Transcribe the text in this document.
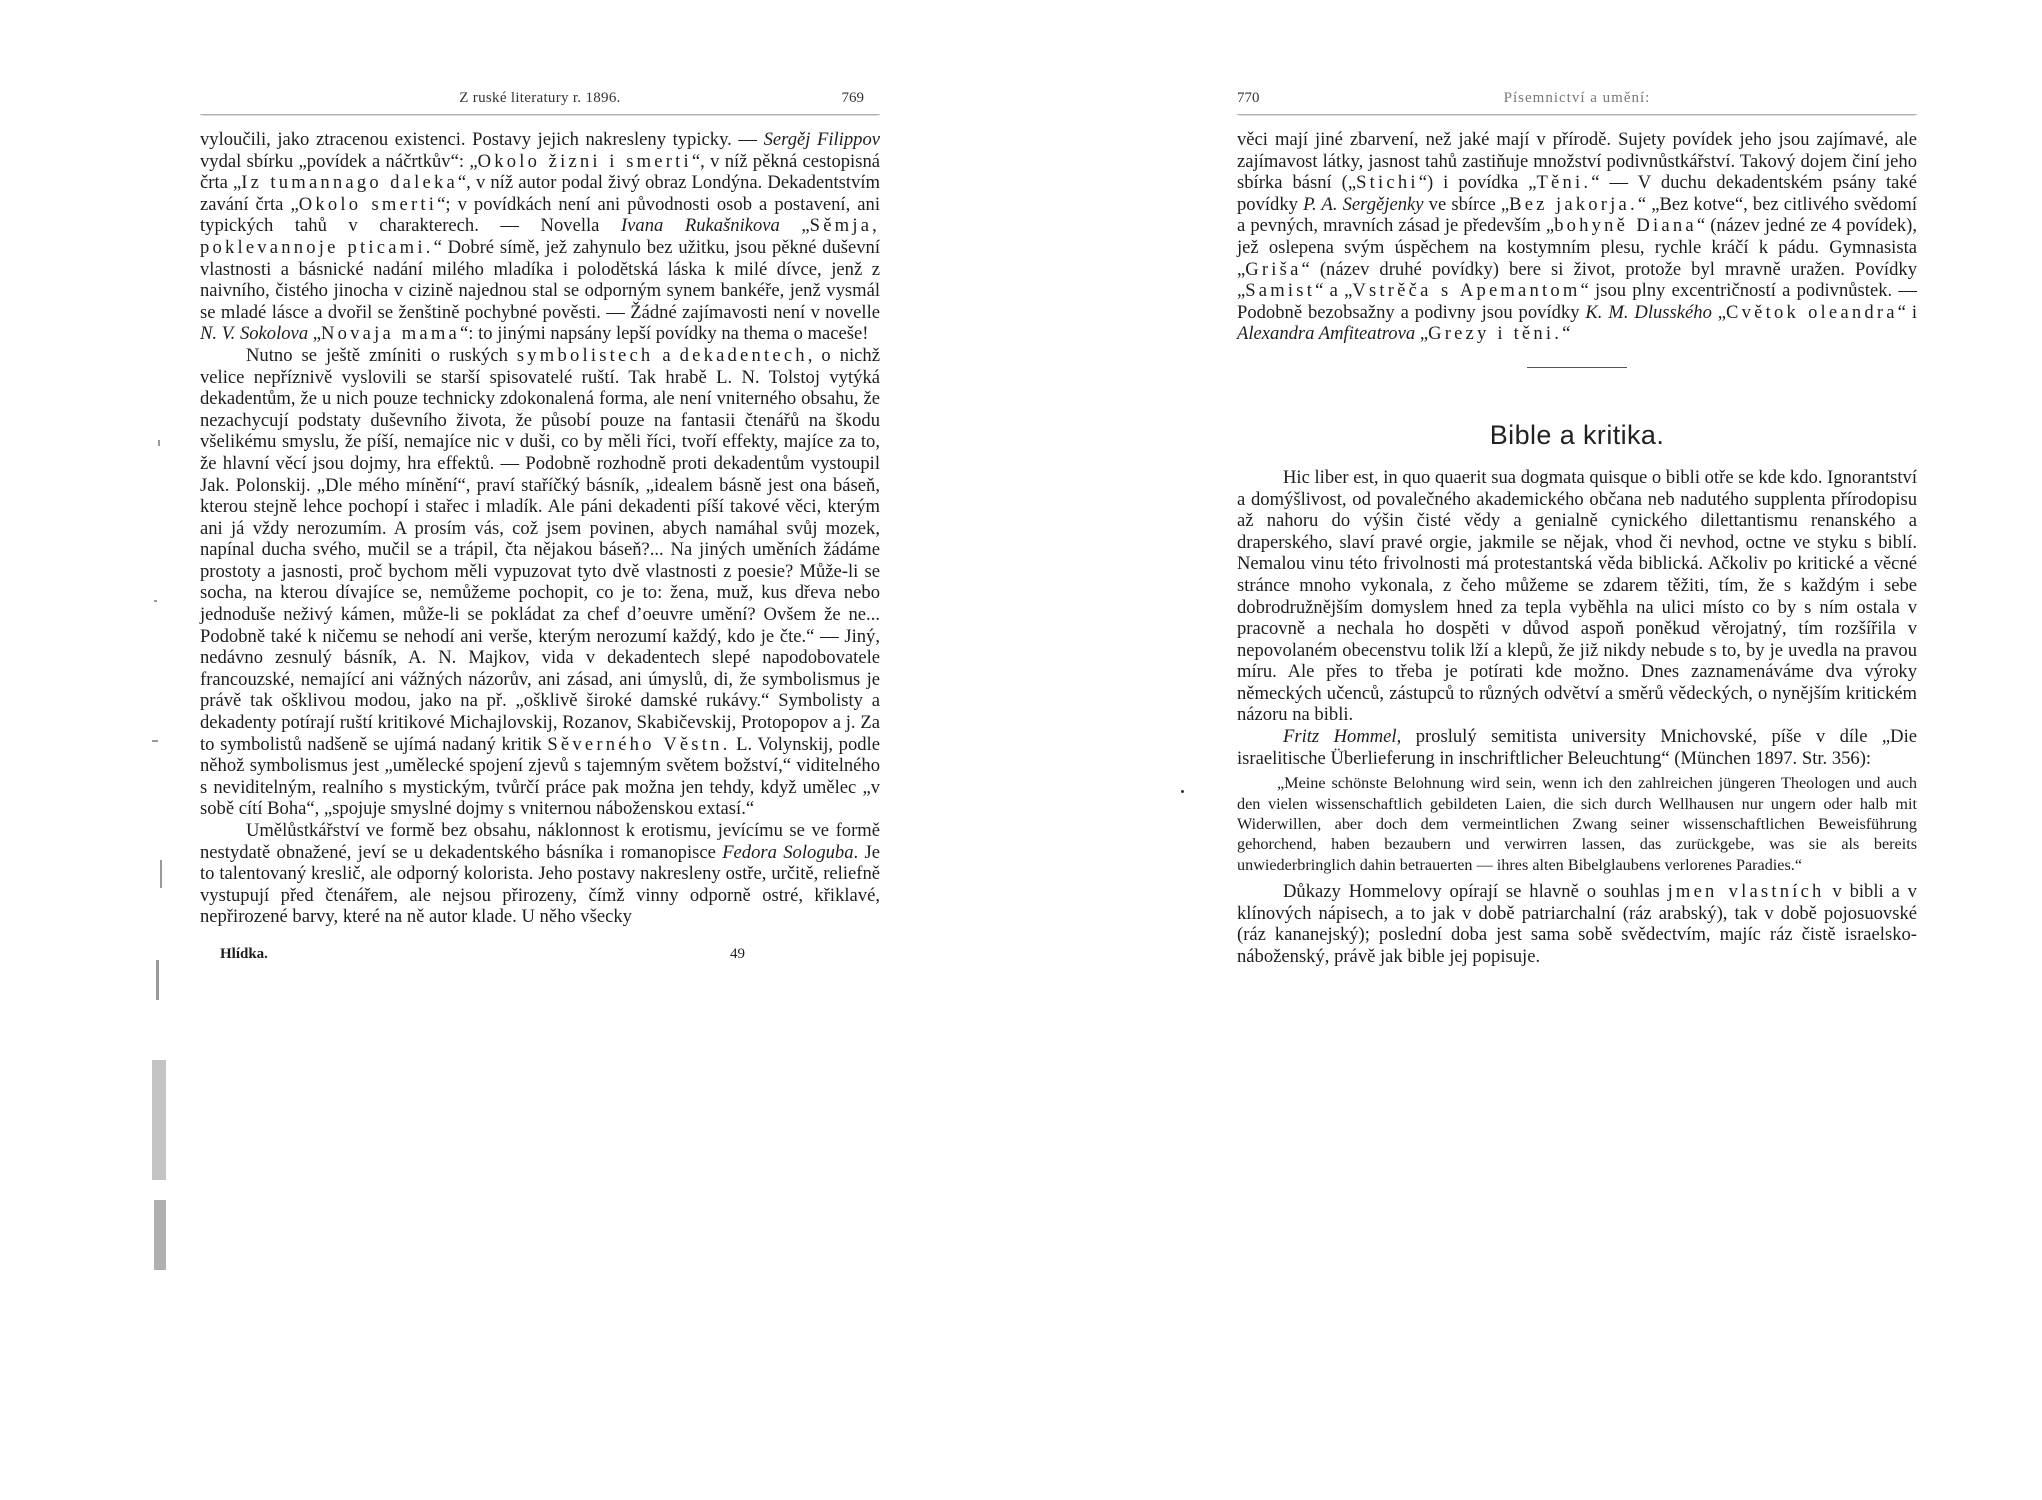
Z ruské literatury r. 1896.	769

vyloučili, jako ztracenou existenci. Postavy jejich nakresleny typicky. — Sergěj Filippov vydal sbírku „povídek a náčrtkův“: „Okolo žizni i smerti“, v níž pěkná cestopisná črta „Iz tumannago daleka“, v níž autor podal živý obraz Londýna. Dekadentstvím zavání črta „Okolo smerti“; v povídkách není ani původnosti osob a postavení, ani typických tahů v charakterech. — Novella Ivana Rukašnikova „Sěmja, poklevannoje pticami.“ Dobré símě, jež zahynulo bez užitku, jsou pěkné duševní vlastnosti a básnické nadání milého mladíka i polodětská láska k milé dívce, jenž z naivního, čistého jinocha v cizině najednou stal se odporným synem bankéře, jenž vysmál se mladé lásce a dvořil se ženštině pochybné pověsti. — Žádné zajímavosti není v novelle N. V. Sokolova „Novaja mama“: to jinými napsány lepší povídky na thema o maceše!

Nutno se ještě zmíniti o ruských symbolistech a dekadentech, o nichž velice nepříznivě vyslovili se starší spisovatelé ruští. Tak hrabě L. N. Tolstoj vytýká dekadentům, že u nich pouze technicky zdokonalená forma, ale není vniterného obsahu, že nezachycují podstaty duševního života, že působí pouze na fantasii čtenářů na škodu všelikému smyslu, že píší, nemajíce nic v duši, co by měli říci, tvoří effekty, majíce za to, že hlavní věcí jsou dojmy, hra effektů. — Podobně rozhodně proti dekadentům vystoupil Jak. Polonskij. „Dle mého mínění“, praví staříčký básník, „idealem básně jest ona báseň, kterou stejně lehce pochopí i stařec i mladík. Ale páni dekadenti píší takové věci, kterým ani já vždy nerozumím. A prosím vás, což jsem povinen, abych namáhal svůj mozek, napínal ducha svého, mučil se a trápil, čta nějakou báseň?... Na jiných uměních žádáme prostoty a jasnosti, proč bychom měli vypuzovat tyto dvě vlastnosti z poesie? Může-li se socha, na kterou dívajíce se, nemůžeme pochopit, co je to: žena, muž, kus dřeva nebo jednoduše neživý kámen, může-li se pokládat za chef d’oeuvre umění? Ovšem že ne... Podobně také k ničemu se nehodí ani verše, kterým nerozumí každý, kdo je čte.“ — Jiný, nedávno zesnulý básník, A. N. Majkov, vida v dekadentech slepé napodobovatele francouzské, nemající ani vážných názorův, ani zásad, ani úmyslů, di, že symbolismus je právě tak ošklivou modou, jako na př. „ošklivě široké damské rukávy.“ Symbolisty a dekadenty potírají ruští kritikové Michajlovskij, Rozanov, Skabičevskij, Protopopov a j. Za to symbolistů nadšeně se ujímá nadaný kritik Sěverného Věstn. L. Volynskij, podle něhož symbolismus jest „umělecké spojení zjevů s tajemným světem božství,“ viditelného s neviditelným, realního s mystickým, tvůrčí práce pak možna jen tehdy, když umělec „v sobě cítí Boha“, „spojuje smyslné dojmy s vniternou náboženskou extasí.“

Umělůstkářství ve formě bez obsahu, náklonnost k erotismu, jevícímu se ve formě nestydatě obnažené, jeví se u dekadentského básníka i romanopisce Fedora Sologuba. Je to talentovaný kreslič, ale odporný kolorista. Jeho postavy nakresleny ostře, určitě, reliefně vystupují před čtenářem, ale nejsou přirozeny, čímž vinny odporně ostré, křiklavé, nepřirozené barvy, které na ně autor klade. U něho všecky

Hlídka.	49
770	Písemnictví a umění:

věci mají jiné zbarvení, než jaké mají v přírodě. Sujety povídek jeho jsou zajímavé, ale zajímavost látky, jasnost tahů zastiňuje množství podivnůstkářství. Takový dojem činí jeho sbírka básní („Stichi“) i povídka „Těni.“ — V duchu dekadentském psány také povídky P. A. Sergějenky ve sbírce „Bez jakorja.“ „Bez kotve“, bez citlivého svědomí a pevných, mravních zásad je především „bohyně Diana“ (název jedné ze 4 povídek), jež oslepena svým úspěchem na kostymním plesu, rychle kráčí k pádu. Gymnasista „Griša“ (název druhé povídky) bere si život, protože byl mravně uražen. Povídky „Samist“ a „Vstrěča s Apemantom“ jsou plny excentričností a podivnůstek. — Podobně bezobsažny a podivny jsou povídky K. M. Dlusského „Cvětok oleandra“ i Alexandra Amfiteatrova „Grezy i těni.“

Bible a kritika.

Hic liber est, in quo quaerit sua dogmata quisque o bibli otře se kde kdo. Ignorantství a domýšlivost, od povalečného akademického občana neb nadutého supplenta přírodopisu až nahoru do výšin čisté vědy a genialně cynického dilettantismu renanského a draperského, slaví pravé orgie, jakmile se nějak, vhod či nevhod, octne ve styku s biblí. Nemalou vinu této frivolnosti má protestantská věda biblická. Ačkoliv po kritické a věcné stránce mnoho vykonala, z čeho můžeme se zdarem těžiti, tím, že s každým i sebe dobrodružnějším domyslem hned za tepla vyběhla na ulici místo co by s ním ostala v pracovně a nechala ho dospěti v důvod aspoň poněkud věrojatný, tím rozšířila v nepovolaném obecenstvu tolik lží a klepů, že již nikdy nebude s to, by je uvedla na pravou míru. Ale přes to třeba je potírati kde možno. Dnes zaznamenáváme dva výroky německých učenců, zástupců to různých odvětví a směrů vědeckých, o nynějším kritickém názoru na bibli.

Fritz Hommel, proslulý semitista university Mnichovské, píše v díle „Die israelitische Überlieferung in inschriftlicher Beleuchtung“ (München 1897. Str. 356):

„Meine schönste Belohnung wird sein, wenn ich den zahlreichen jüngeren Theologen und auch den vielen wissenschaftlich gebildeten Laien, die sich durch Wellhausen nur ungern oder halb mit Widerwillen, aber doch dem vermeintlichen Zwang seiner wissenschaftlichen Beweisführung gehorchend, haben bezaubern und verwirren lassen, das zurückgebe, was sie als bereits unwiederbringlich dahin betrauerten — ihres alten Bibelglaubens verlorenes Paradies.“

Důkazy Hommelovy opírají se hlavně o souhlas jmen vlastních v bibli a v klínových nápisech, a to jak v době patriarchalní (ráz arabský), tak v době pojosuovské (ráz kananejský); poslední doba jest sama sobě svědectvím, majíc ráz čistě israelsko-náboženský, právě jak bible jej popisuje.
